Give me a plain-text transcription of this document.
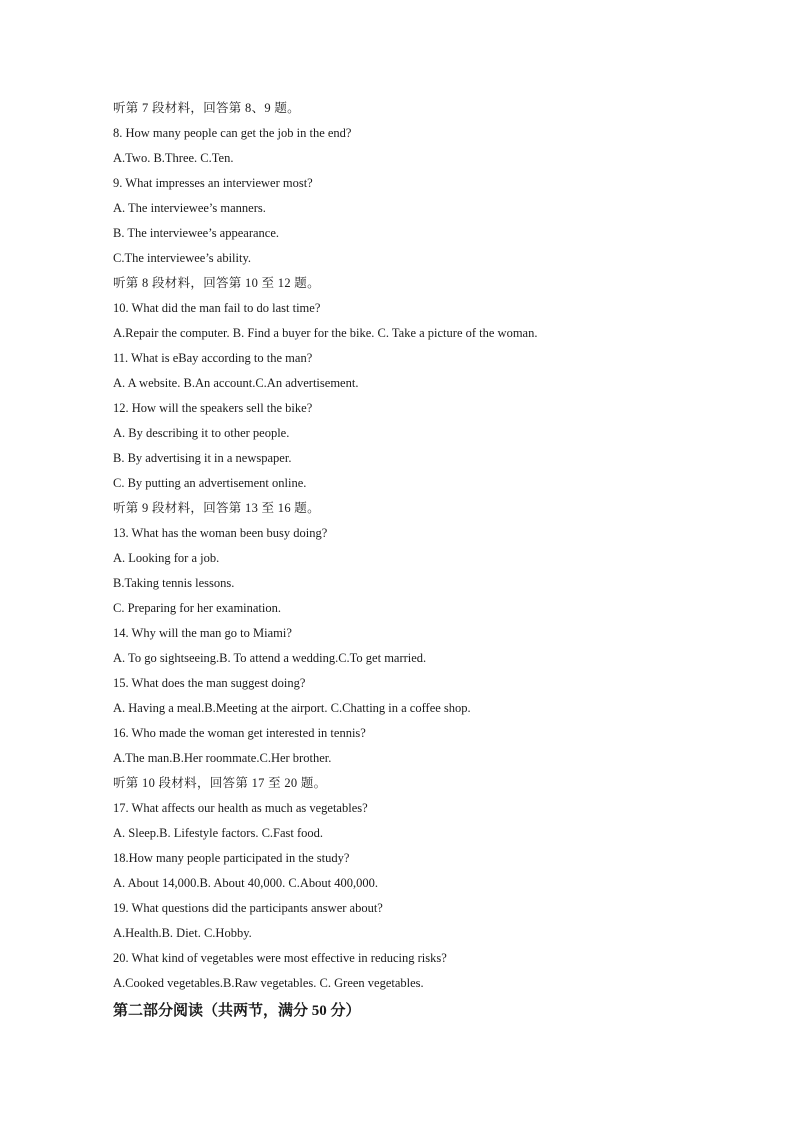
听第 7 段材料，回答第 8、9 题。
8. How many people can get the job in the end?
A.Two. B.Three. C.Ten.
9. What impresses an interviewer most?
A. The interviewee’s manners.
B. The interviewee’s appearance.
C.The interviewee’s ability.
听第 8 段材料，回答第 10 至 12 题。
10. What did the man fail to do last time?
A.Repair the computer. B. Find a buyer for the bike. C. Take a picture of the woman.
11. What is eBay according to the man?
A. A website. B.An account.C.An advertisement.
12. How will the speakers sell the bike?
A. By describing it to other people.
B. By advertising it in a newspaper.
C. By putting an advertisement online.
听第 9 段材料，回答第 13 至 16 题。
13. What has the woman been busy doing?
A. Looking for a job.
B.Taking tennis lessons.
C. Preparing for her examination.
14. Why will the man go to Miami?
A. To go sightseeing.B. To attend a wedding.C.To get married.
15. What does the man suggest doing?
A. Having a meal.B.Meeting at the airport. C.Chatting in a coffee shop.
16. Who made the woman get interested in tennis?
A.The man.B.Her roommate.C.Her brother.
听第 10 段材料，回答第 17 至 20 题。
17. What affects our health as much as vegetables?
A. Sleep.B. Lifestyle factors. C.Fast food.
18.How many people participated in the study?
A. About 14,000.B. About 40,000. C.About 400,000.
19. What questions did the participants answer about?
A.Health.B. Diet. C.Hobby.
20. What kind of vegetables were most effective in reducing risks?
A.Cooked vegetables.B.Raw vegetables. C. Green vegetables.
第二部分阅读（共两节，满分 50 分）
